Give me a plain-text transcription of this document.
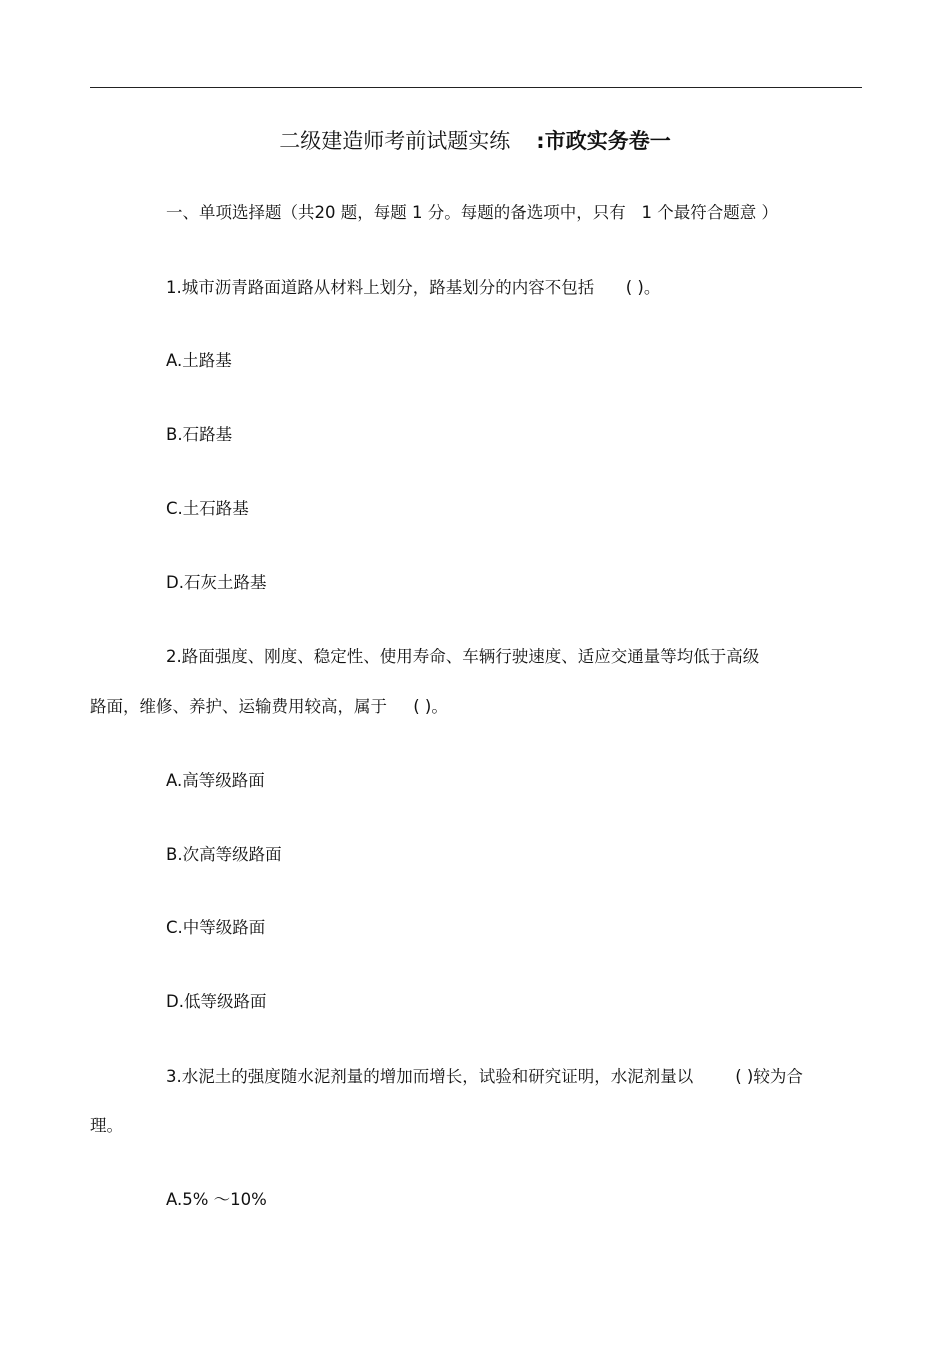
二级建造师考前试题实练 :市政实务卷一
一、单项选择题（共20 题，每题 1 分。每题的备选项中，只有   1 个最符合题意 ）
1.城市沥青路面道路从材料上划分，路基划分的内容不包括      ( )。
A.土路基
B.石路基
C.土石路基
D.石灰土路基
2.路面强度、刚度、稳定性、使用寿命、车辆行驶速度、适应交通量等均低于高级
路面，维修、养护、运输费用较高，属于     ( )。
A.高等级路面
B.次高等级路面
C.中等级路面
D.低等级路面
3.水泥土的强度随水泥剂量的增加而增长，试验和研究证明，水泥剂量以        ( )较为合
理。
A.5% ～10%
